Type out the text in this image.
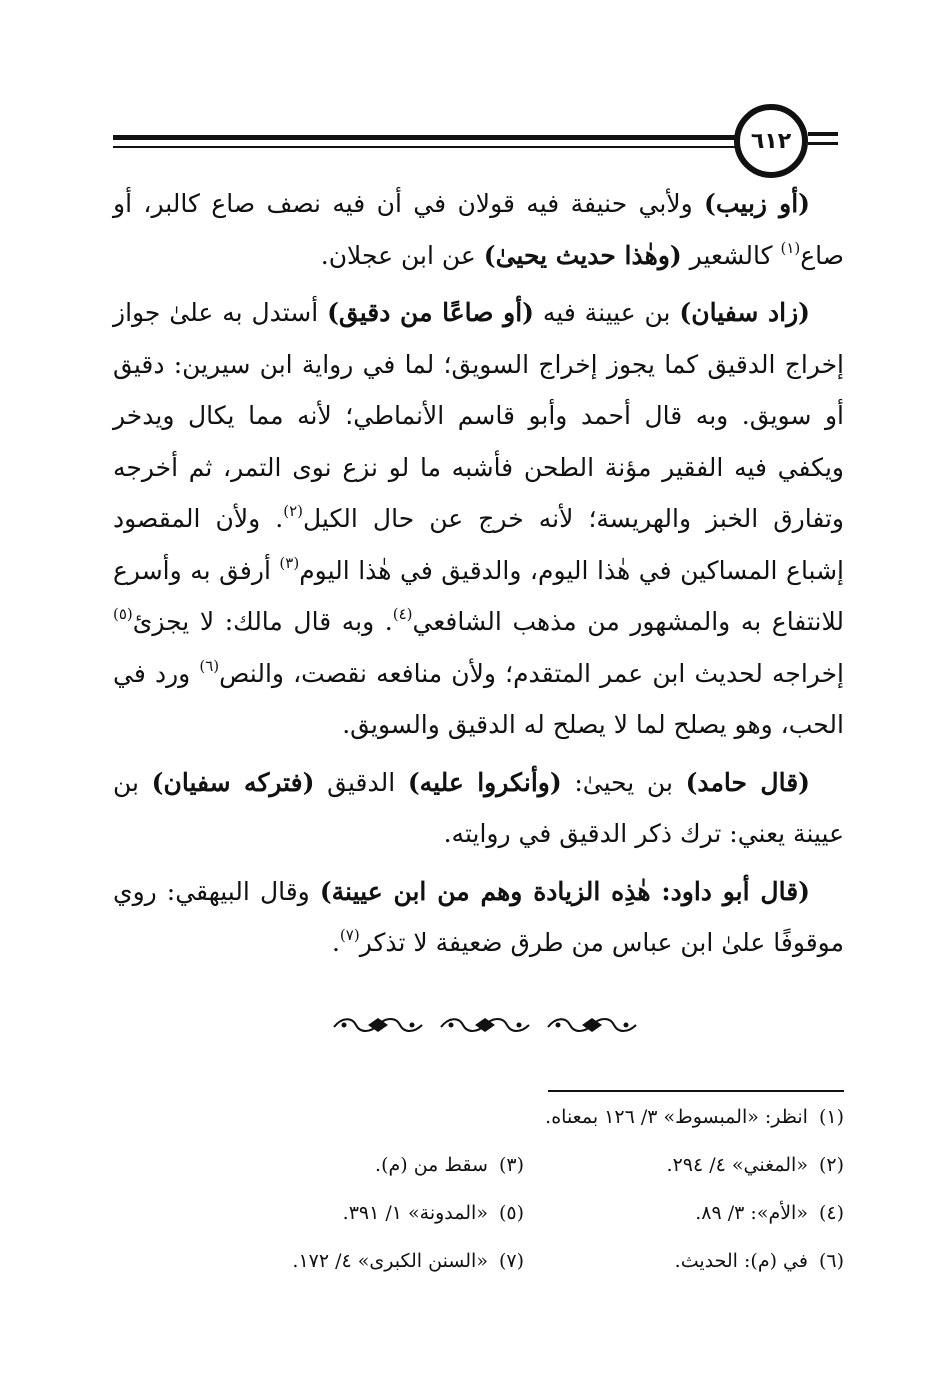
٦١٢

(أو زبيب) ولأبي حنيفة فيه قولان في أن فيه نصف صاع كالبر، أو صاع$^{(١)}$ كالشعير (وهٰذا حديث يحيىٰ) عن ابن عجلان.

(زاد سفيان) بن عيينة فيه (أو صاعًا من دقيق) أستدل به علىٰ جواز إخراج الدقيق كما يجوز إخراج السويق؛ لما في رواية ابن سيرين: دقيق أو سويق. وبه قال أحمد وأبو قاسم الأنماطي؛ لأنه مما يكال ويدخر ويكفي فيه الفقير مؤنة الطحن فأشبه ما لو نزع نوى التمر، ثم أخرجه وتفارق الخبز والهريسة؛ لأنه خرج عن حال الكيل$^{(٢)}$. ولأن المقصود إشباع المساكين في هٰذا اليوم، والدقيق في هٰذا اليوم$^{(٣)}$ أرفق به وأسرع للانتفاع به والمشهور من مذهب الشافعي$^{(٤)}$. وبه قال مالك: لا يجزئ$^{(٥)}$ إخراجه لحديث ابن عمر المتقدم؛ ولأن منافعه نقصت، والنص$^{(٦)}$ ورد في الحب، وهو يصلح لما لا يصلح له الدقيق والسويق.

(قال حامد) بن يحيىٰ: (وأنكروا عليه) الدقيق (فتركه سفيان) بن عيينة يعني: ترك ذكر الدقيق في روايته.

(قال أبو داود: هٰذِه الزيادة وهم من ابن عيينة) وقال البيهقي: روي موقوفًا علىٰ ابن عباس من طرق ضعيفة لا تذكر$^{(٧)}$.

(١) انظر: «المبسوط» ٣/ ١٢٦ بمعناه.
(٢) «المغني» ٤/ ٢٩٤.
(٣) سقط من (م).
(٤) «الأم»: ٣/ ٨٩.
(٥) «المدونة» ١/ ٣٩١.
(٦) في (م): الحديث.
(٧) «السنن الكبرى» ٤/ ١٧٢.
